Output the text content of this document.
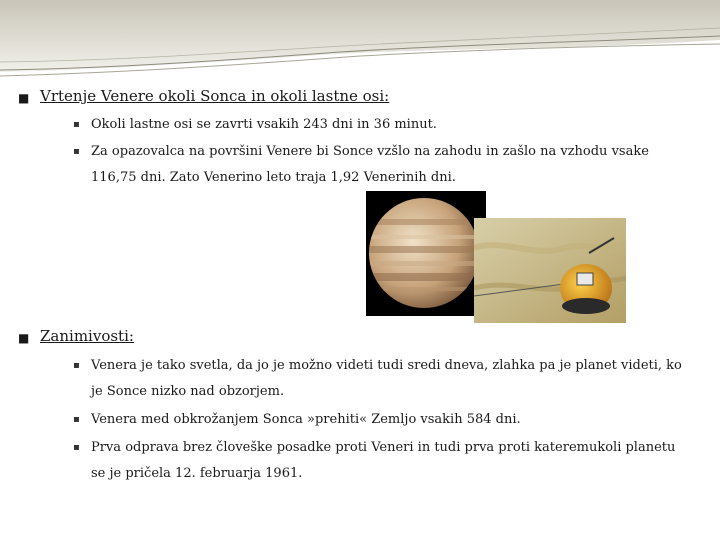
■ Vrtenje Venere okoli Sonca in okoli lastne osi:
▪ Okoli lastne osi se zavrti vsakih 243 dni in 36 minut.
▪ Za opazovalca na površini Venere bi Sonce vzšlo na zahodu in zašlo na vzhodu vsake 116,75 dni. Zato Venerino leto traja 1,92 Venerinih dni.
■ Zanimivosti:
▪ Venera je tako svetla, da jo je možno videti tudi sredi dneva, zlahka pa je planet videti, ko je Sonce nizko nad obzorjem.
▪ Venera med obkrožanjem Sonca »prehiti« Zemljo vsakih 584 dni.
▪ Prva odprava brez človeške posadke proti Veneri in tudi prva proti kateremukoli planetu se je pričela 12. februarja 1961.
